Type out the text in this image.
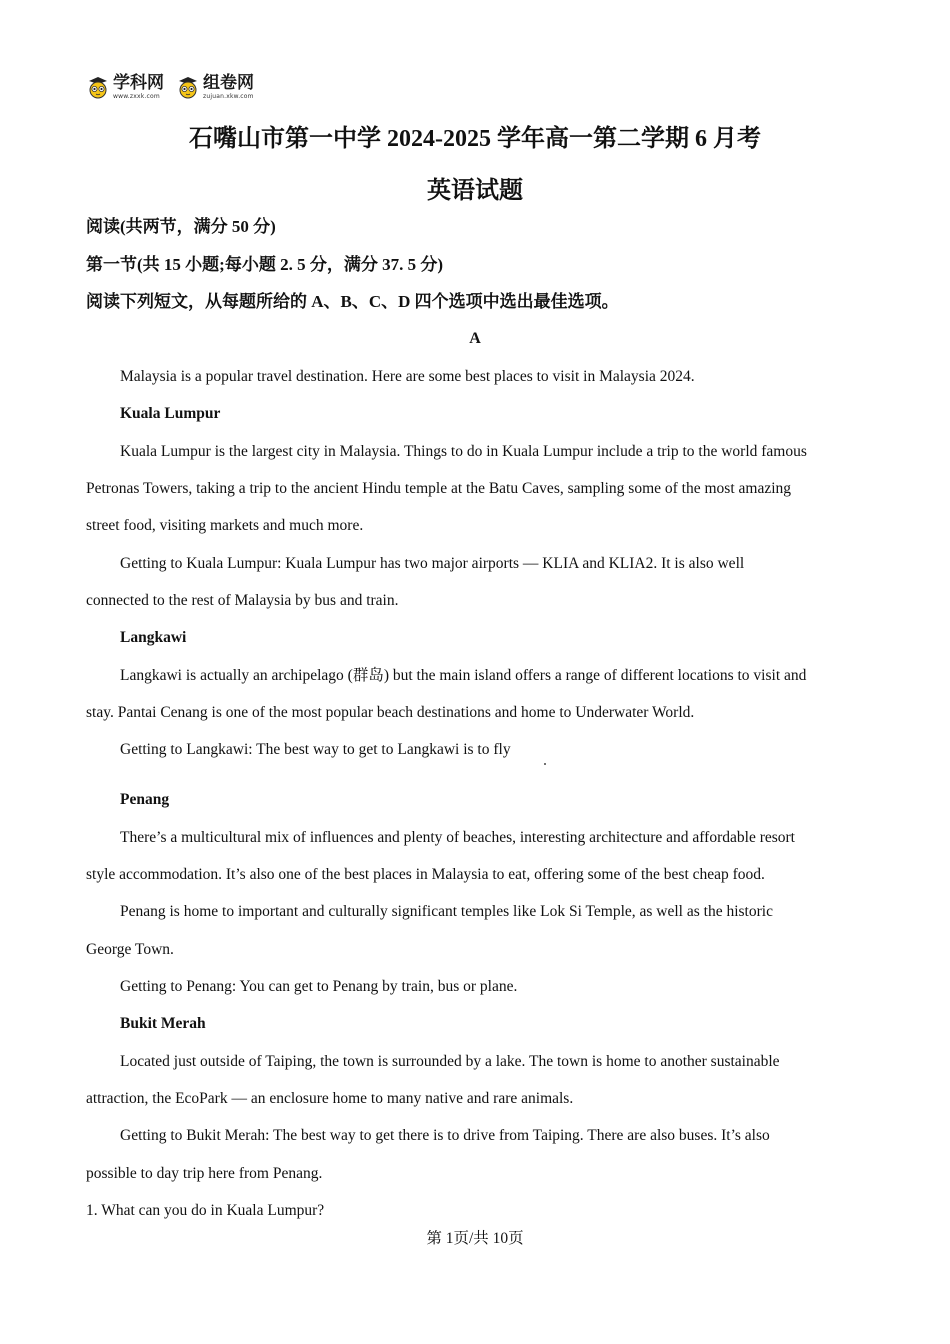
学科网
www.zxxk.com
组卷网
zujuan.xkw.com
石嘴山市第一中学 2024-2025 学年高一第二学期 6 月考
英语试题
阅读(共两节，满分 50 分)
第一节(共 15 小题;每小题 2. 5 分，满分 37. 5 分)
阅读下列短文，从每题所给的 A、B、C、D 四个选项中选出最佳选项。
A
Malaysia is a popular travel destination. Here are some best places to visit in Malaysia 2024.
Kuala Lumpur
Kuala Lumpur is the largest city in Malaysia. Things to do in Kuala Lumpur include a trip to the world famous
Petronas Towers, taking a trip to the ancient Hindu temple at the Batu Caves, sampling some of the most amazing
street food, visiting markets and much more.
Getting to Kuala Lumpur: Kuala Lumpur has two major airports — KLIA and KLIA2. It is also well
connected to the rest of Malaysia by bus and train.
Langkawi
Langkawi is actually an archipelago (群岛) but the main island offers a range of different locations to visit and
stay. Pantai Cenang is one of the most popular beach destinations and home to Underwater World.
Getting to Langkawi: The best way to get to Langkawi is to fly
Penang
There’s a multicultural mix of influences and plenty of beaches, interesting architecture and affordable resort
style accommodation. It’s also one of the best places in Malaysia to eat, offering some of the best cheap food.
Penang is home to important and culturally significant temples like Lok Si Temple, as well as the historic
George Town.
Getting to Penang: You can get to Penang by train, bus or plane.
Bukit Merah
Located just outside of Taiping, the town is surrounded by a lake. The town is home to another sustainable
attraction, the EcoPark — an enclosure home to many native and rare animals.
Getting to Bukit Merah: The best way to get there is to drive from Taiping. There are also buses. It’s also
possible to day trip here from Penang.
1. What can you do in Kuala Lumpur?
第 1页/共 10页
